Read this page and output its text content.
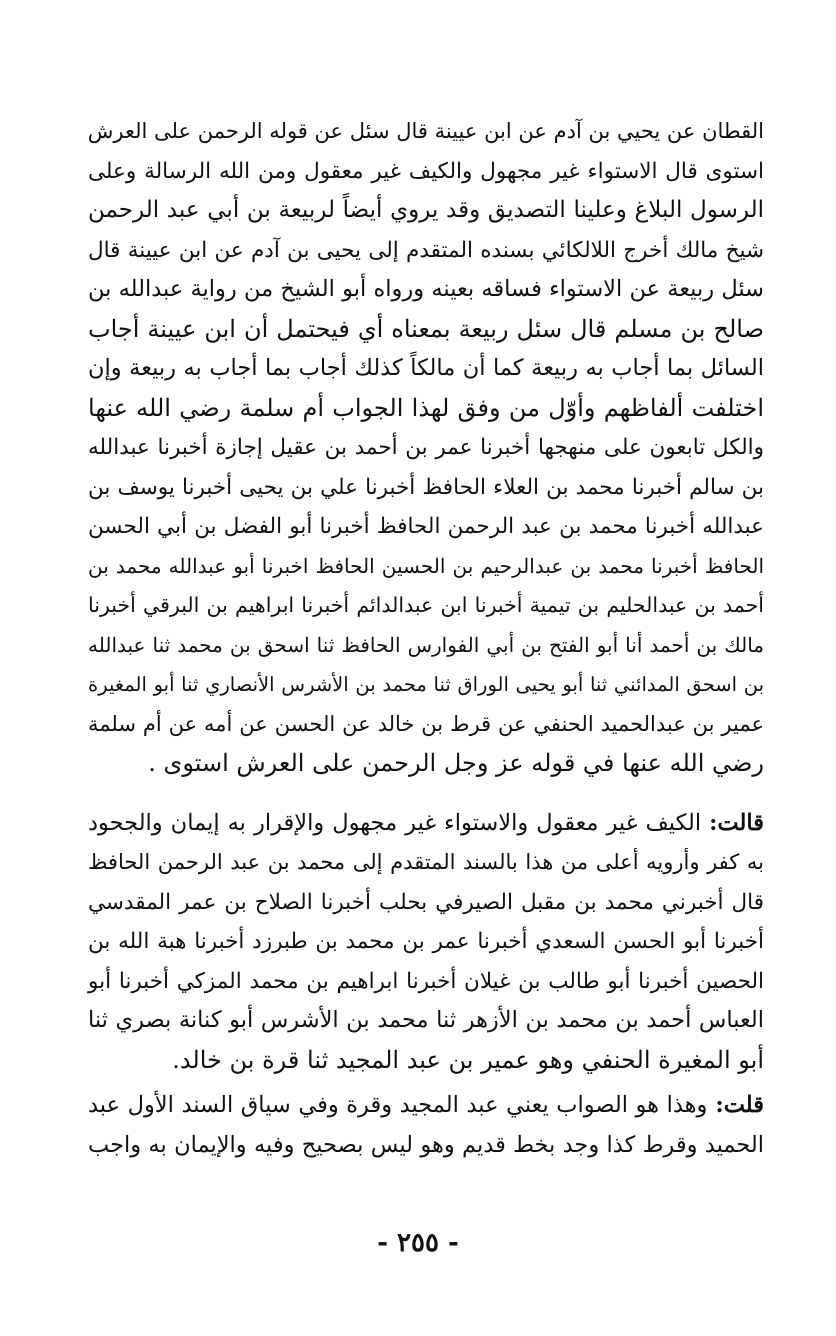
القطان عن يحيي بن آدم عن ابن عيينة قال سئل عن قوله الرحمن على العرش
استوى قال الاستواء غير مجهول والكيف غير معقول ومن الله الرسالة وعلى
الرسول البلاغ وعلينا التصديق وقد يروي أيضاً لربيعة بن أبي عبد الرحمن
شيخ مالك أخرج اللالكائي بسنده المتقدم إلى يحيى بن آدم عن ابن عيينة قال
سئل ربيعة عن الاستواء فساقه بعينه ورواه أبو الشيخ من رواية عبدالله بن
صالح بن مسلم قال سئل ربيعة بمعناه أي فيحتمل أن ابن عيينة أجاب
السائل بما أجاب به ربيعة كما أن مالكاً كذلك أجاب بما أجاب به ربيعة وإن
اختلفت ألفاظهم وأوّل من وفق لهذا الجواب أم سلمة رضي الله عنها
والكل تابعون على منهجها أخبرنا عمر بن أحمد بن عقيل إجازة أخبرنا عبدالله
بن سالم أخبرنا محمد بن العلاء الحافظ أخبرنا علي بن يحيى أخبرنا يوسف بن
عبدالله أخبرنا محمد بن عبد الرحمن الحافظ أخبرنا أبو الفضل بن أبي الحسن
الحافظ أخبرنا محمد بن عبدالرحيم بن الحسين الحافظ اخبرنا أبو عبدالله محمد بن
أحمد بن عبدالحليم بن تيمية أخبرنا ابن عبدالدائم أخبرنا ابراهيم بن البرقي أخبرنا
مالك بن أحمد أنا أبو الفتح بن أبي الفوارس الحافظ ثنا اسحق بن محمد ثنا عبدالله
بن اسحق المدائني ثنا أبو يحيى الوراق ثنا محمد بن الأشرس الأنصاري ثنا أبو المغيرة
عمير بن عبدالحميد الحنفي عن قرط بن خالد عن الحسن عن أمه عن أم سلمة
رضي الله عنها في قوله عز وجل الرحمن على العرش استوى .
قالت:الكيف غير معقول والاستواء غير مجهول والإقرار به إيمان والجحود
به كفر وأرويه أعلى من هذا بالسند المتقدم إلى محمد بن عبد الرحمن الحافظ
قال أخبرني محمد بن مقبل الصيرفي بحلب أخبرنا الصلاح بن عمر المقدسي
أخبرنا أبو الحسن السعدي أخبرنا عمر بن محمد بن طبرزد أخبرنا هبة الله بن
الحصين أخبرنا أبو طالب بن غيلان أخبرنا ابراهيم بن محمد المزكي أخبرنا أبو
العباس أحمد بن محمد بن الأزهر ثنا محمد بن الأشرس أبو كنانة بصري ثنا
أبو المغيرة الحنفي وهو عمير بن عبد المجيد ثنا قرة بن خالد.
قلت:وهذا هو الصواب يعني عبد المجيد وقرة وفي سياق السند الأول عبد
الحميد وقرط كذا وجد بخط قديم وهو ليس بصحيح وفيه والإيمان به واجب
- ٢٥٥ -
